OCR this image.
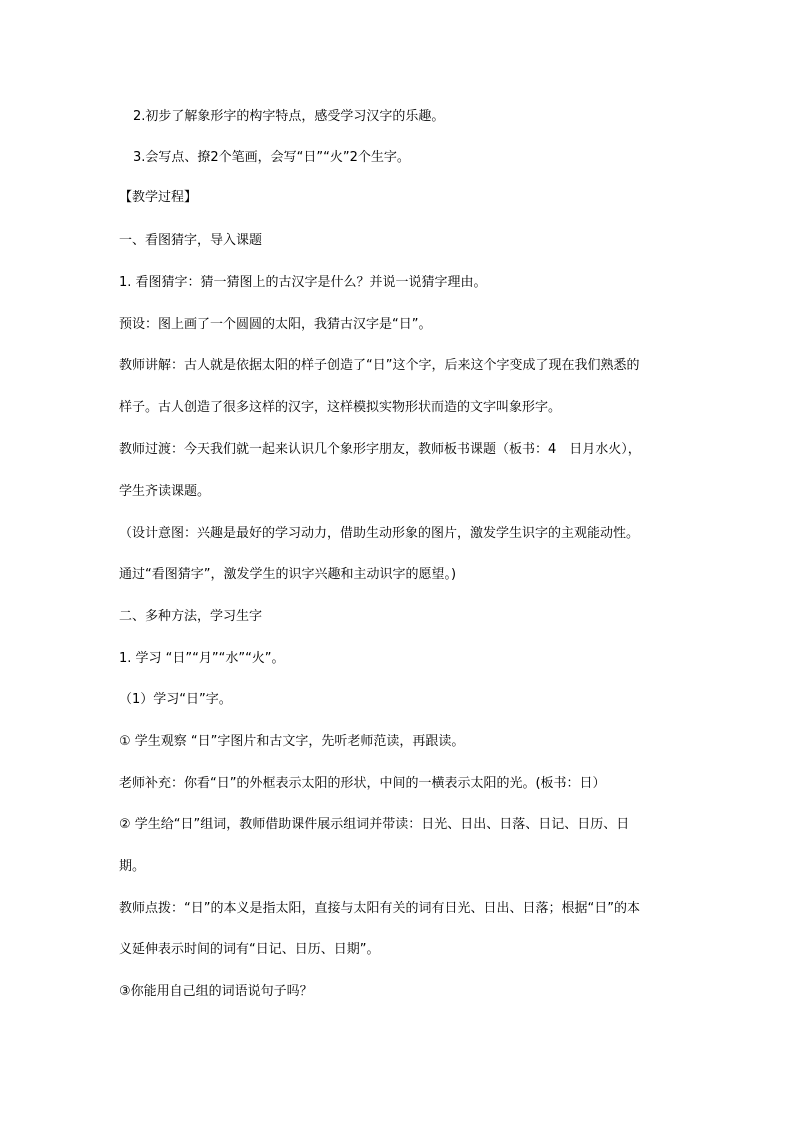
2.初步了解象形字的构字特点，感受学习汉字的乐趣。
3.会写点、撩2个笔画，会写“日”“火”2个生字。
【教学过程】
一、看图猜字，导入课题
1. 看图猜字：猜一猜图上的古汉字是什么？并说一说猜字理由。
预设：图上画了一个圆圆的太阳，我猜古汉字是“日”。
教师讲解：古人就是依据太阳的样子创造了“日”这个字，后来这个字变成了现在我们熟悉的
样子。古人创造了很多这样的汉字，这样模拟实物形状而造的文字叫象形字。
教师过渡：今天我们就一起来认识几个象形字朋友，教师板书课题（板书：4　日月水火），
学生齐读课题。
（设计意图：兴趣是最好的学习动力，借助生动形象的图片，激发学生识字的主观能动性。
通过“看图猜字”，激发学生的识字兴趣和主动识字的愿望。)
二、多种方法，学习生字
1. 学习 “日”“月”“水”“火”。
（1）学习“日”字。
① 学生观察 “日”字图片和古文字，先听老师范读，再跟读。
老师补充：你看“日”的外框表示太阳的形状，中间的一横表示太阳的光。(板书：日）
② 学生给“日”组词，教师借助课件展示组词并带读：日光、日出、日落、日记、日历、日
期。
教师点拨：“日”的本义是指太阳，直接与太阳有关的词有日光、日出、日落；根据“日”的本
义延伸表示时间的词有“日记、日历、日期”。
③你能用自己组的词语说句子吗？
